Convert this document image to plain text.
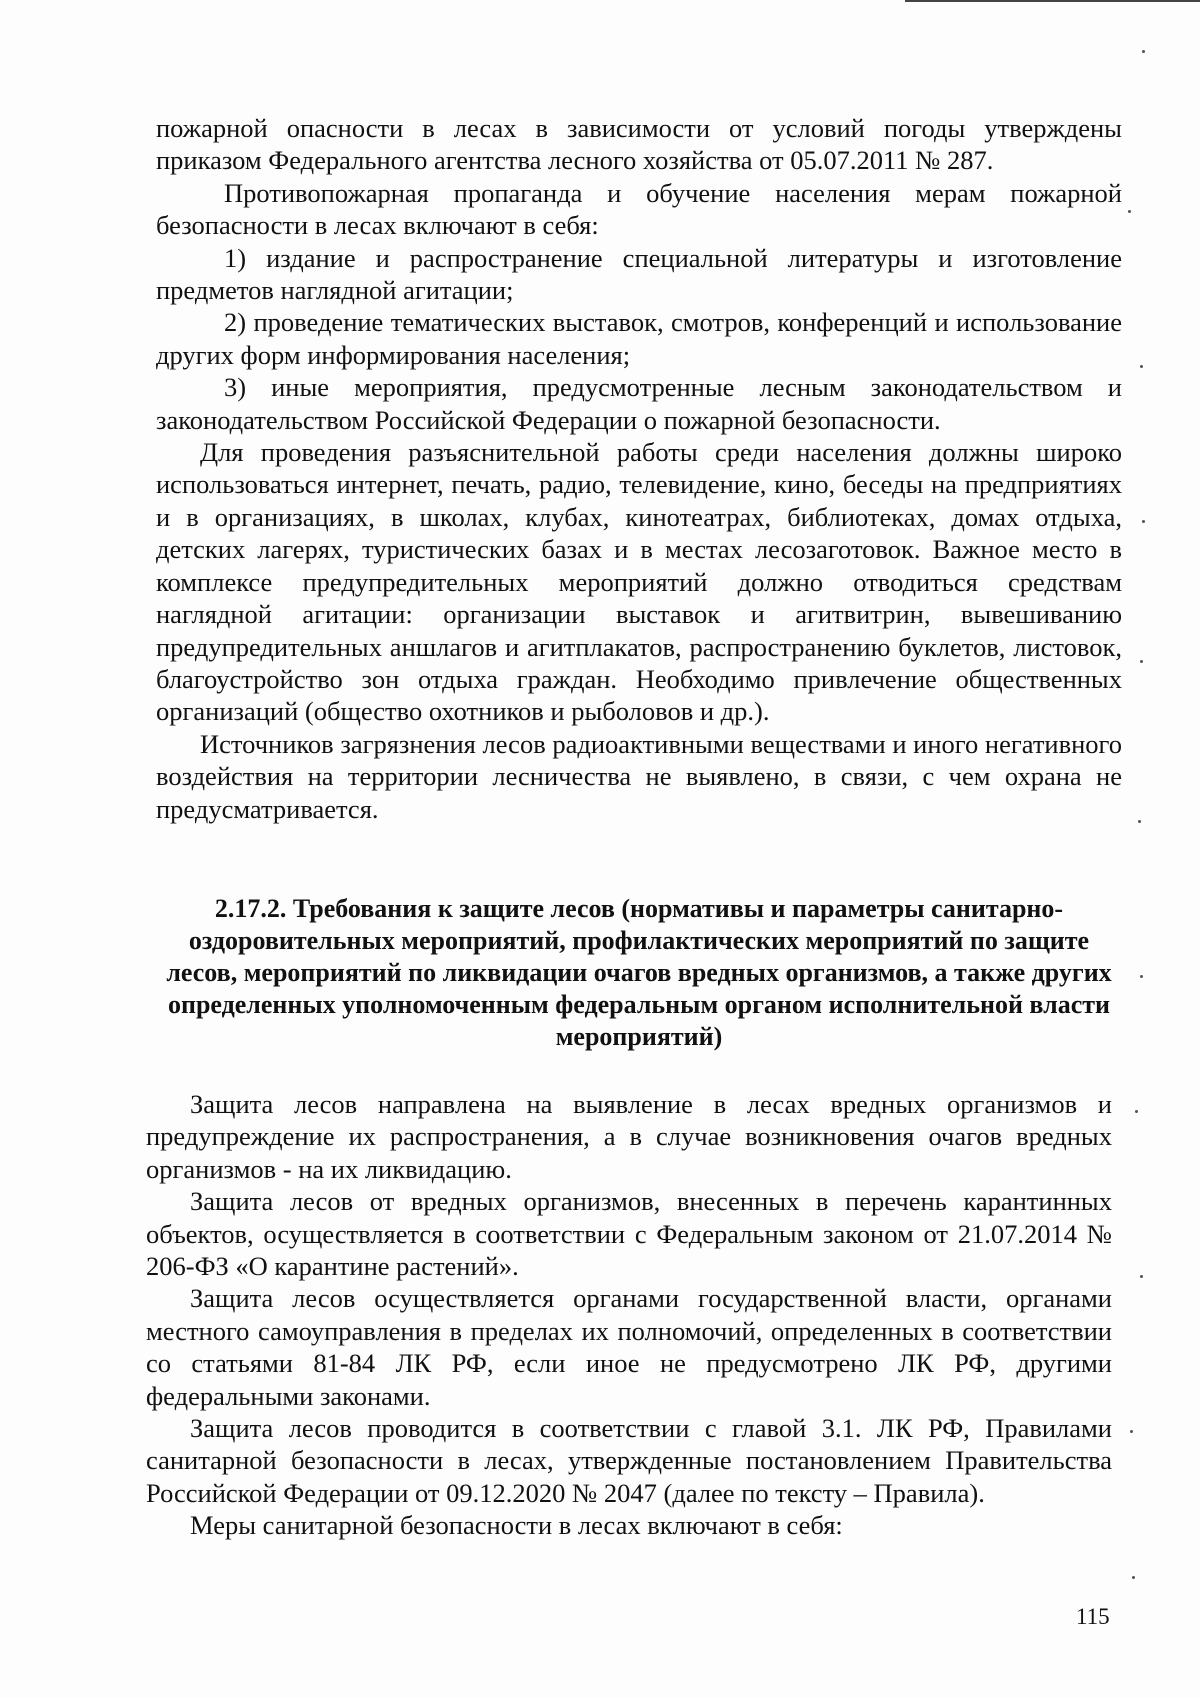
пожарной опасности в лесах в зависимости от условий погоды утверждены приказом Федерального агентства лесного хозяйства от 05.07.2011 № 287.

Противопожарная пропаганда и обучение населения мерам пожарной безопасности в лесах включают в себя:

1) издание и распространение специальной литературы и изготовление предметов наглядной агитации;

2) проведение тематических выставок, смотров, конференций и использование других форм информирования населения;

3) иные мероприятия, предусмотренные лесным законодательством и законодательством Российской Федерации о пожарной безопасности.

Для проведения разъяснительной работы среди населения должны широко использоваться интернет, печать, радио, телевидение, кино, беседы на предприятиях и в организациях, в школах, клубах, кинотеатрах, библиотеках, домах отдыха, детских лагерях, туристических базах и в местах лесозаготовок. Важное место в комплексе предупредительных мероприятий должно отводиться средствам наглядной агитации: организации выставок и агитвитрин, вывешиванию предупредительных аншлагов и агитплакатов, распространению буклетов, листовок, благоустройство зон отдыха граждан. Необходимо привлечение общественных организаций (общество охотников и рыболовов и др.).

Источников загрязнения лесов радиоактивными веществами и иного негативного воздействия на территории лесничества не выявлено, в связи, с чем охрана не предусматривается.

2.17.2. Требования к защите лесов (нормативы и параметры санитарно-оздоровительных мероприятий, профилактических мероприятий по защите лесов, мероприятий по ликвидации очагов вредных организмов, а также других определенных уполномоченным федеральным органом исполнительной власти мероприятий)

Защита лесов направлена на выявление в лесах вредных организмов и предупреждение их распространения, а в случае возникновения очагов вредных организмов - на их ликвидацию.

Защита лесов от вредных организмов, внесенных в перечень карантинных объектов, осуществляется в соответствии с Федеральным законом от 21.07.2014 № 206-ФЗ «О карантине растений».

Защита лесов осуществляется органами государственной власти, органами местного самоуправления в пределах их полномочий, определенных в соответствии со статьями 81-84 ЛК РФ, если иное не предусмотрено ЛК РФ, другими федеральными законами.

Защита лесов проводится в соответствии с главой 3.1. ЛК РФ, Правилами санитарной безопасности в лесах, утвержденные постановлением Правительства Российской Федерации от 09.12.2020 № 2047 (далее по тексту – Правила).

Меры санитарной безопасности в лесах включают в себя:

115
